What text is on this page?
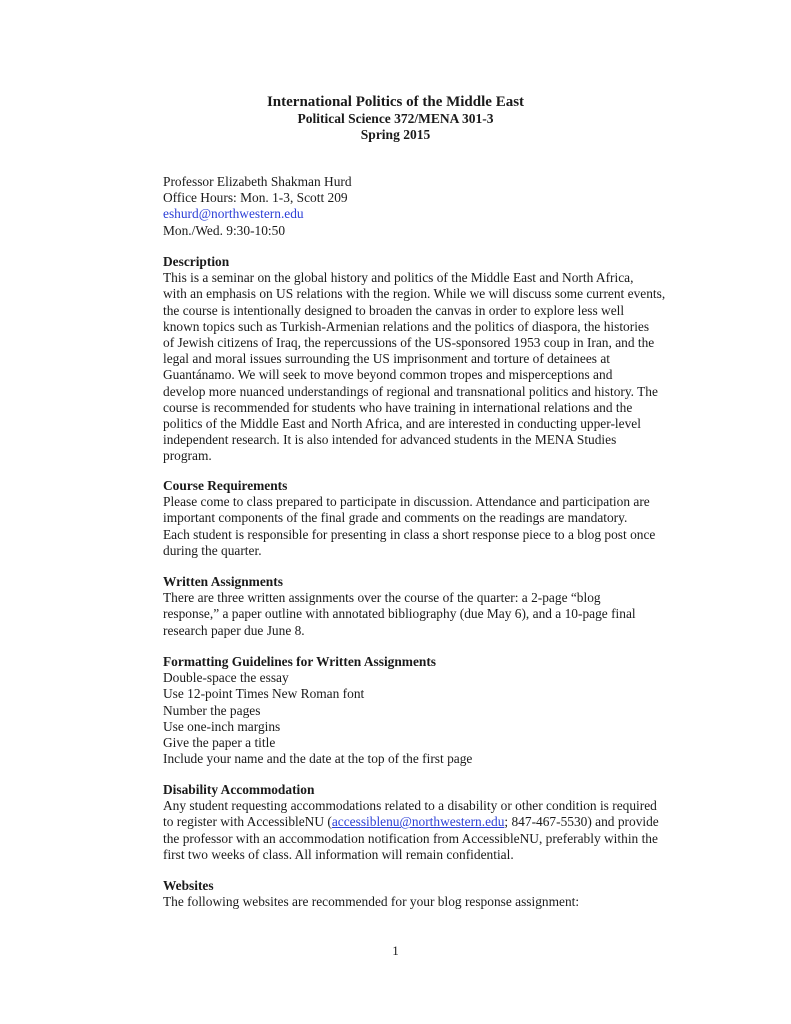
International Politics of the Middle East
Political Science 372/MENA 301-3
Spring 2015
Professor Elizabeth Shakman Hurd
Office Hours: Mon. 1-3, Scott 209
eshurd@northwestern.edu
Mon./Wed. 9:30-10:50
Description
This is a seminar on the global history and politics of the Middle East and North Africa,
with an emphasis on US relations with the region. While we will discuss some current events,
the course is intentionally designed to broaden the canvas in order to explore less well
known topics such as Turkish-Armenian relations and the politics of diaspora, the histories
of Jewish citizens of Iraq, the repercussions of the US-sponsored 1953 coup in Iran, and the
legal and moral issues surrounding the US imprisonment and torture of detainees at
Guantánamo. We will seek to move beyond common tropes and misperceptions and
develop more nuanced understandings of regional and transnational politics and history. The
course is recommended for students who have training in international relations and the
politics of the Middle East and North Africa, and are interested in conducting upper-level
independent research. It is also intended for advanced students in the MENA Studies
program.
Course Requirements
Please come to class prepared to participate in discussion. Attendance and participation are
important components of the final grade and comments on the readings are mandatory.
Each student is responsible for presenting in class a short response piece to a blog post once
during the quarter.
Written Assignments
There are three written assignments over the course of the quarter: a 2-page “blog
response,” a paper outline with annotated bibliography (due May 6), and a 10-page final
research paper due June 8.
Formatting Guidelines for Written Assignments
Double-space the essay
Use 12-point Times New Roman font
Number the pages
Use one-inch margins
Give the paper a title
Include your name and the date at the top of the first page
Disability Accommodation
Any student requesting accommodations related to a disability or other condition is required
to register with AccessibleNU (accessiblenu@northwestern.edu; 847-467-5530) and provide
the professor with an accommodation notification from AccessibleNU, preferably within the
first two weeks of class. All information will remain confidential.
Websites
The following websites are recommended for your blog response assignment:
1
